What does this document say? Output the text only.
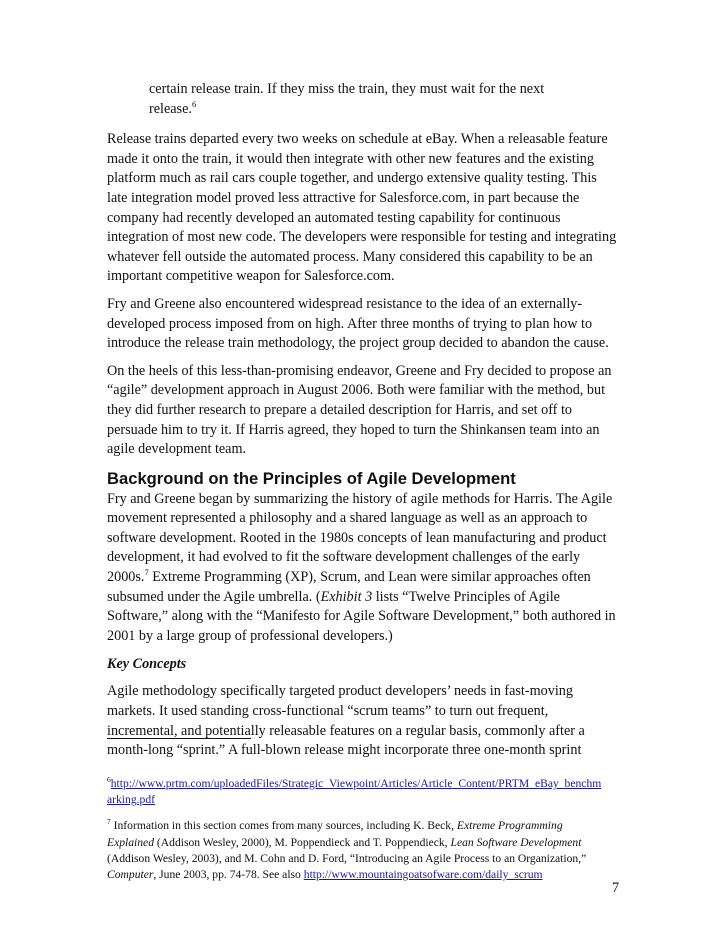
certain release train. If they miss the train, they must wait for the next
release.$^6$
Release trains departed every two weeks on schedule at eBay. When a releasable feature
made it onto the train, it would then integrate with other new features and the existing
platform much as rail cars couple together, and undergo extensive quality testing. This
late integration model proved less attractive for Salesforce.com, in part because the
company had recently developed an automated testing capability for continuous
integration of most new code. The developers were responsible for testing and integrating
whatever fell outside the automated process. Many considered this capability to be an
important competitive weapon for Salesforce.com.
Fry and Greene also encountered widespread resistance to the idea of an externally-
developed process imposed from on high. After three months of trying to plan how to
introduce the release train methodology, the project group decided to abandon the cause.
On the heels of this less-than-promising endeavor, Greene and Fry decided to propose an
“agile” development approach in August 2006. Both were familiar with the method, but
they did further research to prepare a detailed description for Harris, and set off to
persuade him to try it. If Harris agreed, they hoped to turn the Shinkansen team into an
agile development team.
Background on the Principles of Agile Development
Fry and Greene began by summarizing the history of agile methods for Harris. The Agile
movement represented a philosophy and a shared language as well as an approach to
software development. Rooted in the 1980s concepts of lean manufacturing and product
development, it had evolved to fit the software development challenges of the early
2000s.$^7$ Extreme Programming (XP), Scrum, and Lean were similar approaches often
subsumed under the Agile umbrella. (Exhibit 3 lists “Twelve Principles of Agile
Software,” along with the “Manifesto for Agile Software Development,” both authored in
2001 by a large group of professional developers.)
Key Concepts
Agile methodology specifically targeted product developers’ needs in fast-moving
markets. It used standing cross-functional “scrum teams” to turn out frequent,
incremental, and potentially releasable features on a regular basis, commonly after a
month-long “sprint.” A full-blown release might incorporate three one-month sprint
$^6$http://www.prtm.com/uploadedFiles/Strategic_Viewpoint/Articles/Article_Content/PRTM_eBay_benchm
arking.pdf
$^7$ Information in this section comes from many sources, including K. Beck, Extreme Programming
Explained (Addison Wesley, 2000), M. Poppendieck and T. Poppendieck, Lean Software Development
(Addison Wesley, 2003), and M. Cohn and D. Ford, “Introducing an Agile Process to an Organization,”
Computer, June 2003, pp. 74-78. See also http://www.mountaingoatsofware.com/daily_scrum
7
